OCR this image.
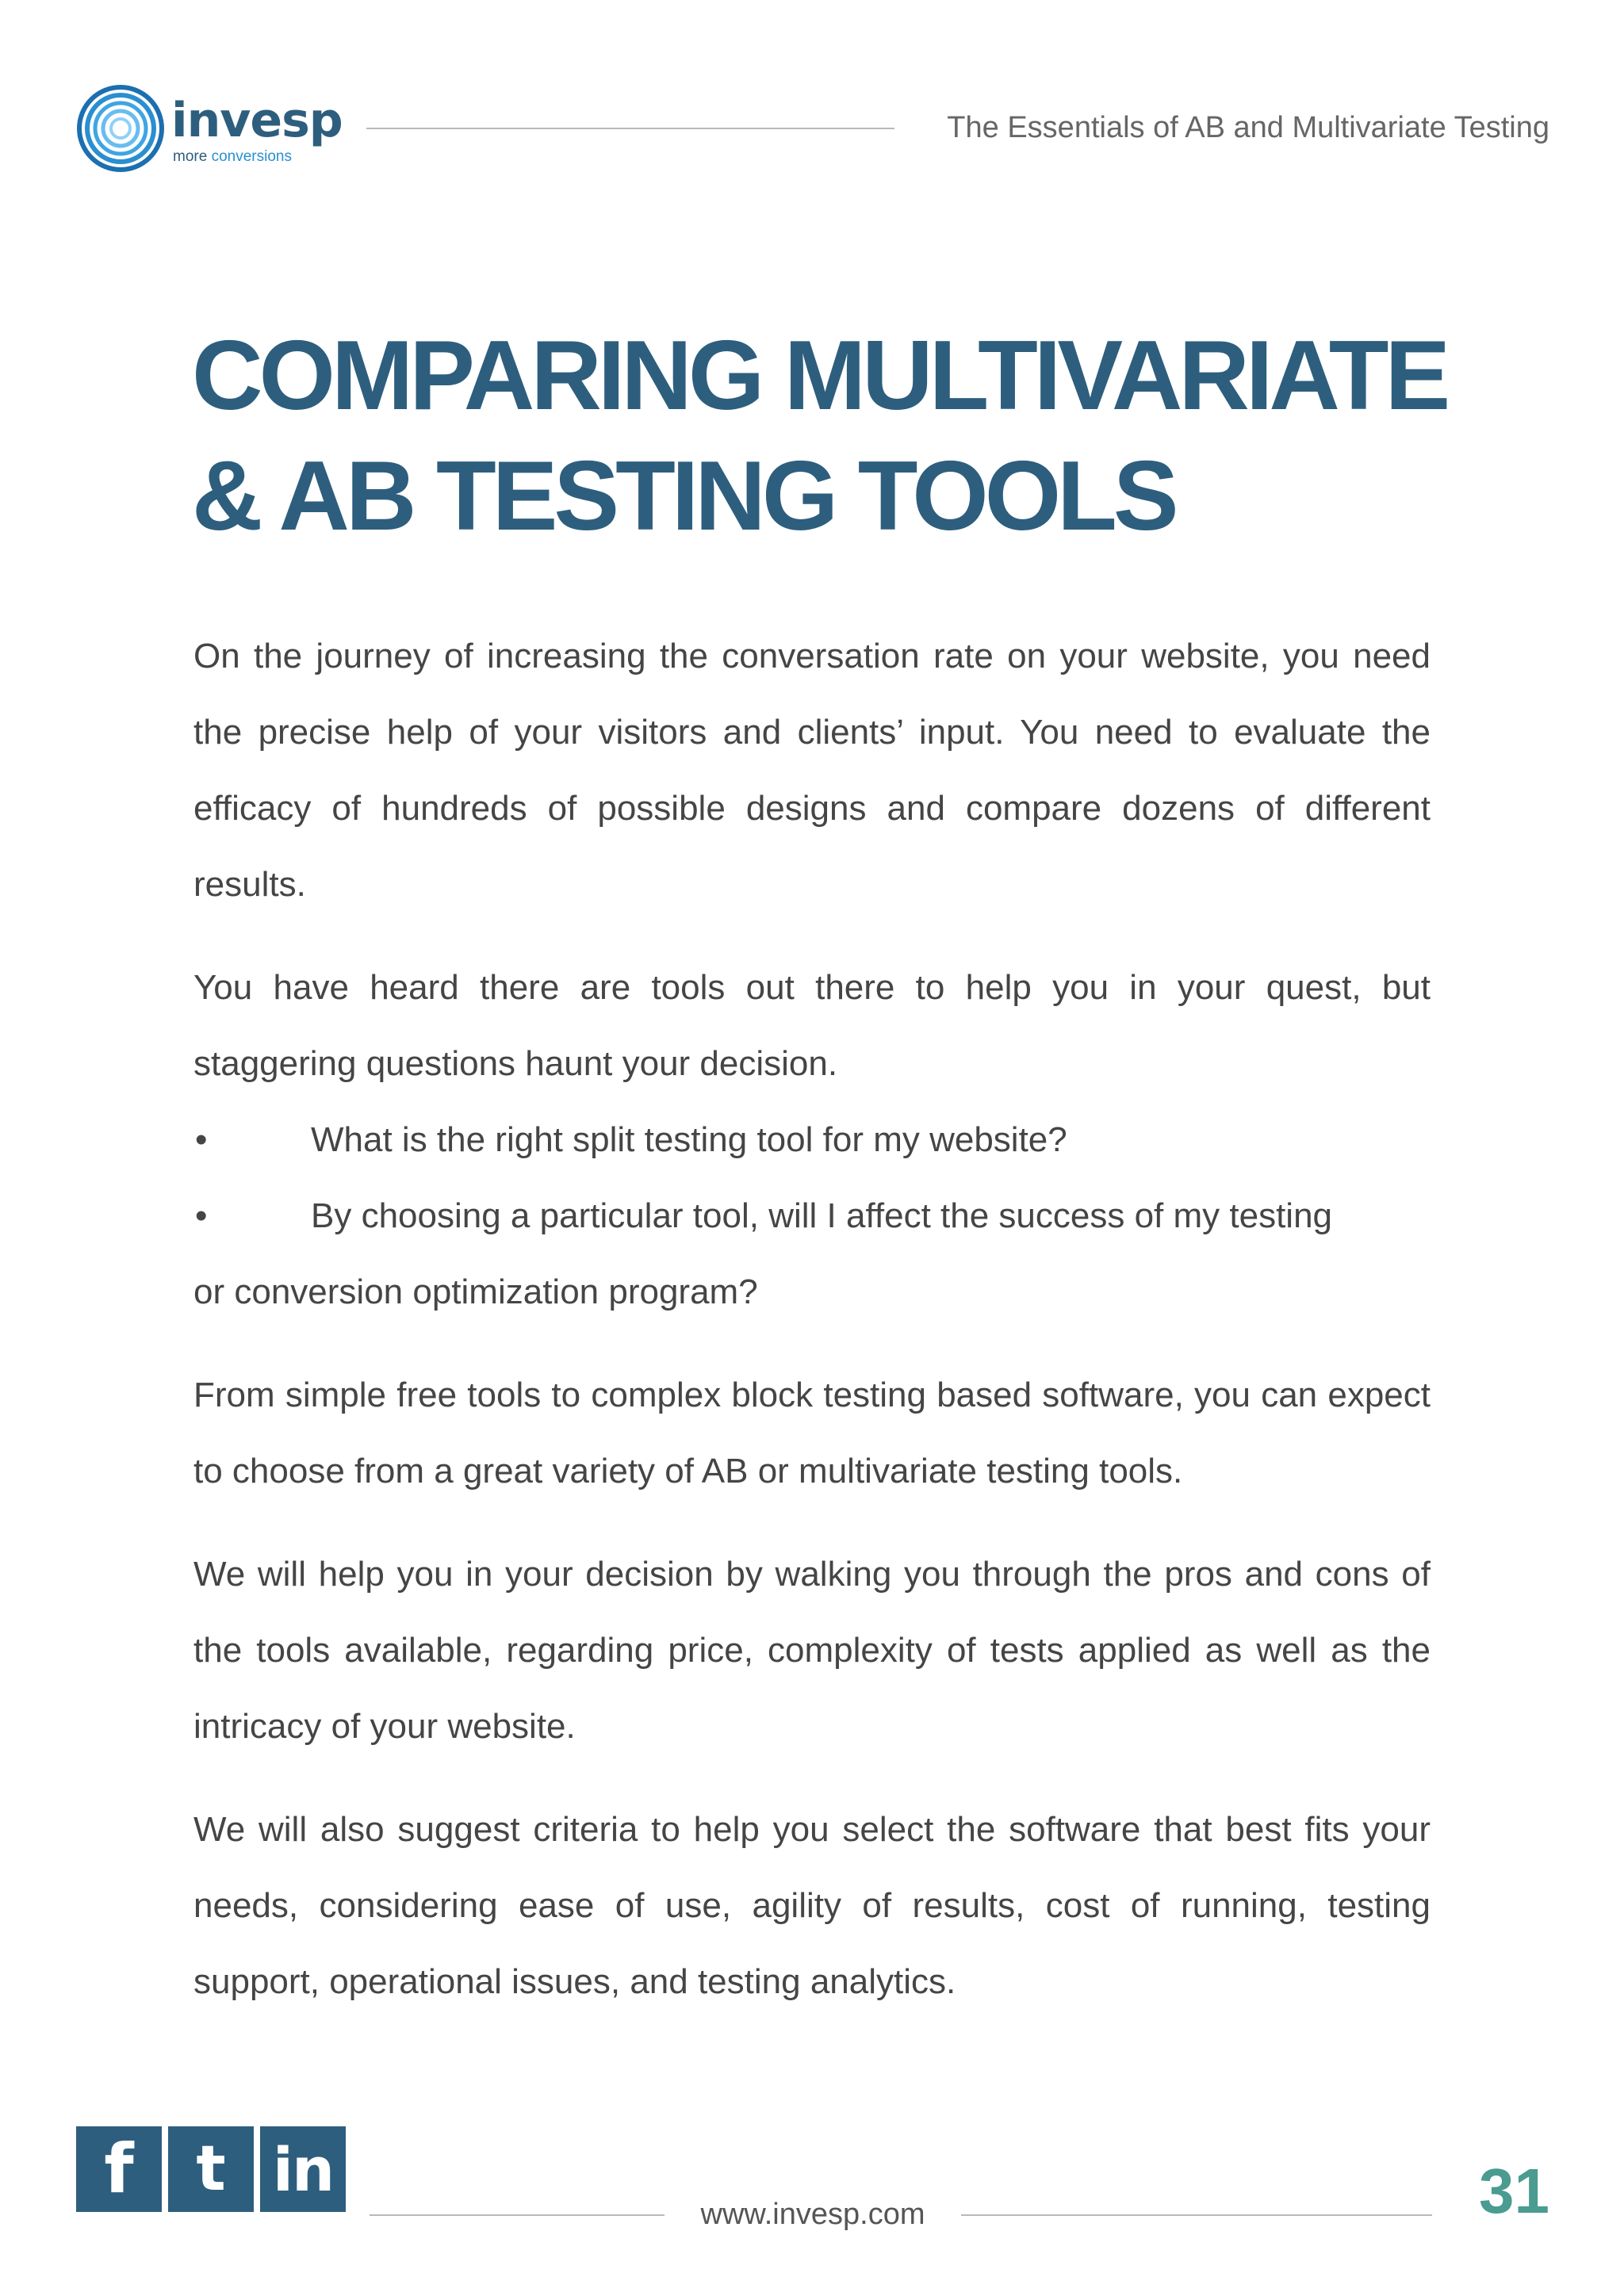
invesp
more conversions
The Essentials of AB and Multivariate Testing
COMPARING MULTIVARIATE
& AB TESTING TOOLS

On the journey of increasing the conversation rate on your website, you need the precise help of your visitors and clients’ input. You need to evaluate the efficacy of hundreds of possible designs and compare dozens of different results.

You have heard there are tools out there to help you in your quest, but staggering questions haunt your decision.

•	What is the right split testing tool for my website?
•	By choosing a particular tool, will I affect the success of my testing

or conversion optimization program?

From simple free tools to complex block testing based software, you can expect to choose from a great variety of AB or multivariate testing tools.

We will help you in your decision by walking you through the pros and cons of the tools available, regarding price, complexity of tests applied as well as the intricacy of your website.

We will also suggest criteria to help you select the software that best fits your needs, considering ease of use, agility of results, cost of running, testing support, operational issues, and testing analytics.

f	t in
www.invesp.com	31
